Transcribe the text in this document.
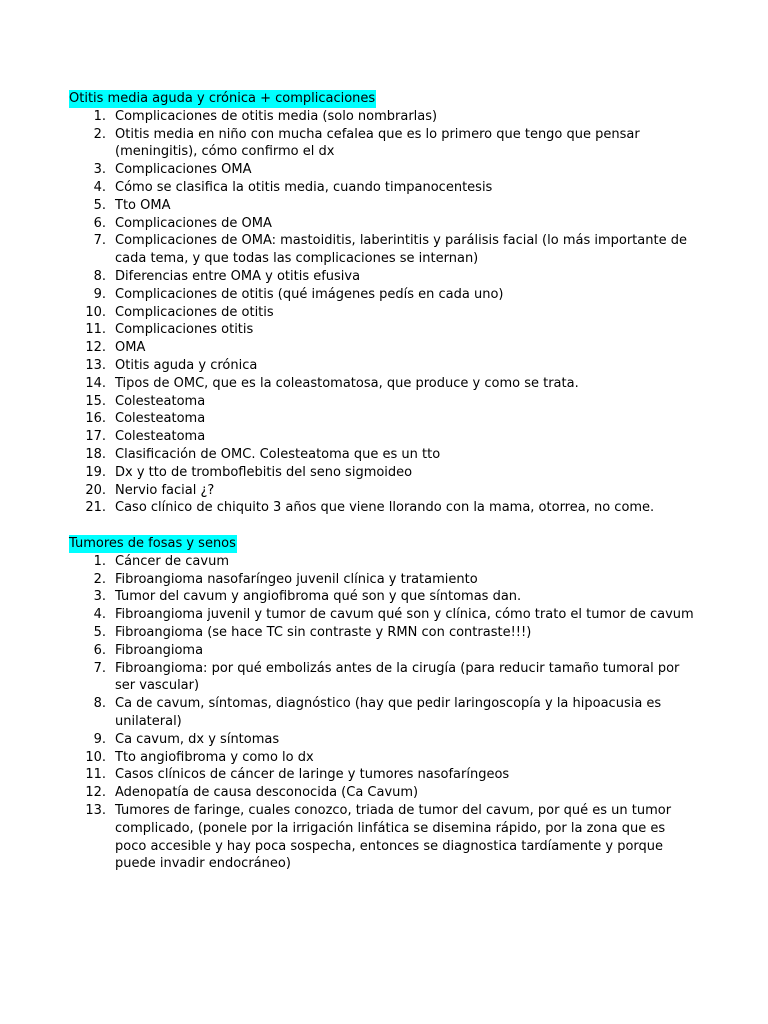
Otitis media aguda y crónica + complicaciones
1. Complicaciones de otitis media (solo nombrarlas)
2. Otitis media en niño con mucha cefalea que es lo primero que tengo que pensar (meningitis), cómo confirmo el dx
3. Complicaciones OMA
4. Cómo se clasifica la otitis media, cuando timpanocentesis
5. Tto OMA
6. Complicaciones de OMA
7. Complicaciones de OMA: mastoiditis, laberintitis y parálisis facial (lo más importante de cada tema, y que todas las complicaciones se internan)
8. Diferencias entre OMA y otitis efusiva
9. Complicaciones de otitis (qué imágenes pedís en cada uno)
10. Complicaciones de otitis
11. Complicaciones otitis
12. OMA
13. Otitis aguda y crónica
14. Tipos de OMC, que es la coleastomatosa, que produce y como se trata.
15. Colesteatoma
16. Colesteatoma
17. Colesteatoma
18. Clasificación de OMC. Colesteatoma que es un tto
19. Dx y tto de tromboflebitis del seno sigmoideo
20. Nervio facial ¿?
21. Caso clínico de chiquito 3 años que viene llorando con la mama, otorrea, no come.
Tumores de fosas y senos
1. Cáncer de cavum
2. Fibroangioma nasofaríngeo juvenil clínica y tratamiento
3. Tumor del cavum y angiofibroma qué son y que síntomas dan.
4. Fibroangioma juvenil y tumor de cavum qué son y clínica, cómo trato el tumor de cavum
5. Fibroangioma (se hace TC sin contraste y RMN con contraste!!!)
6. Fibroangioma
7. Fibroangioma: por qué embolizás antes de la cirugía (para reducir tamaño tumoral por ser vascular)
8. Ca de cavum, síntomas, diagnóstico (hay que pedir laringoscopía y la hipoacusia es unilateral)
9. Ca cavum, dx y síntomas
10. Tto angiofibroma y como lo dx
11. Casos clínicos de cáncer de laringe y tumores nasofaríngeos
12. Adenopatía de causa desconocida (Ca Cavum)
13. Tumores de faringe, cuales conozco, triada de tumor del cavum, por qué es un tumor complicado, (ponele por la irrigación linfática se disemina rápido, por la zona que es poco accesible y hay poca sospecha, entonces se diagnostica tardíamente y porque puede invadir endocráneo)
